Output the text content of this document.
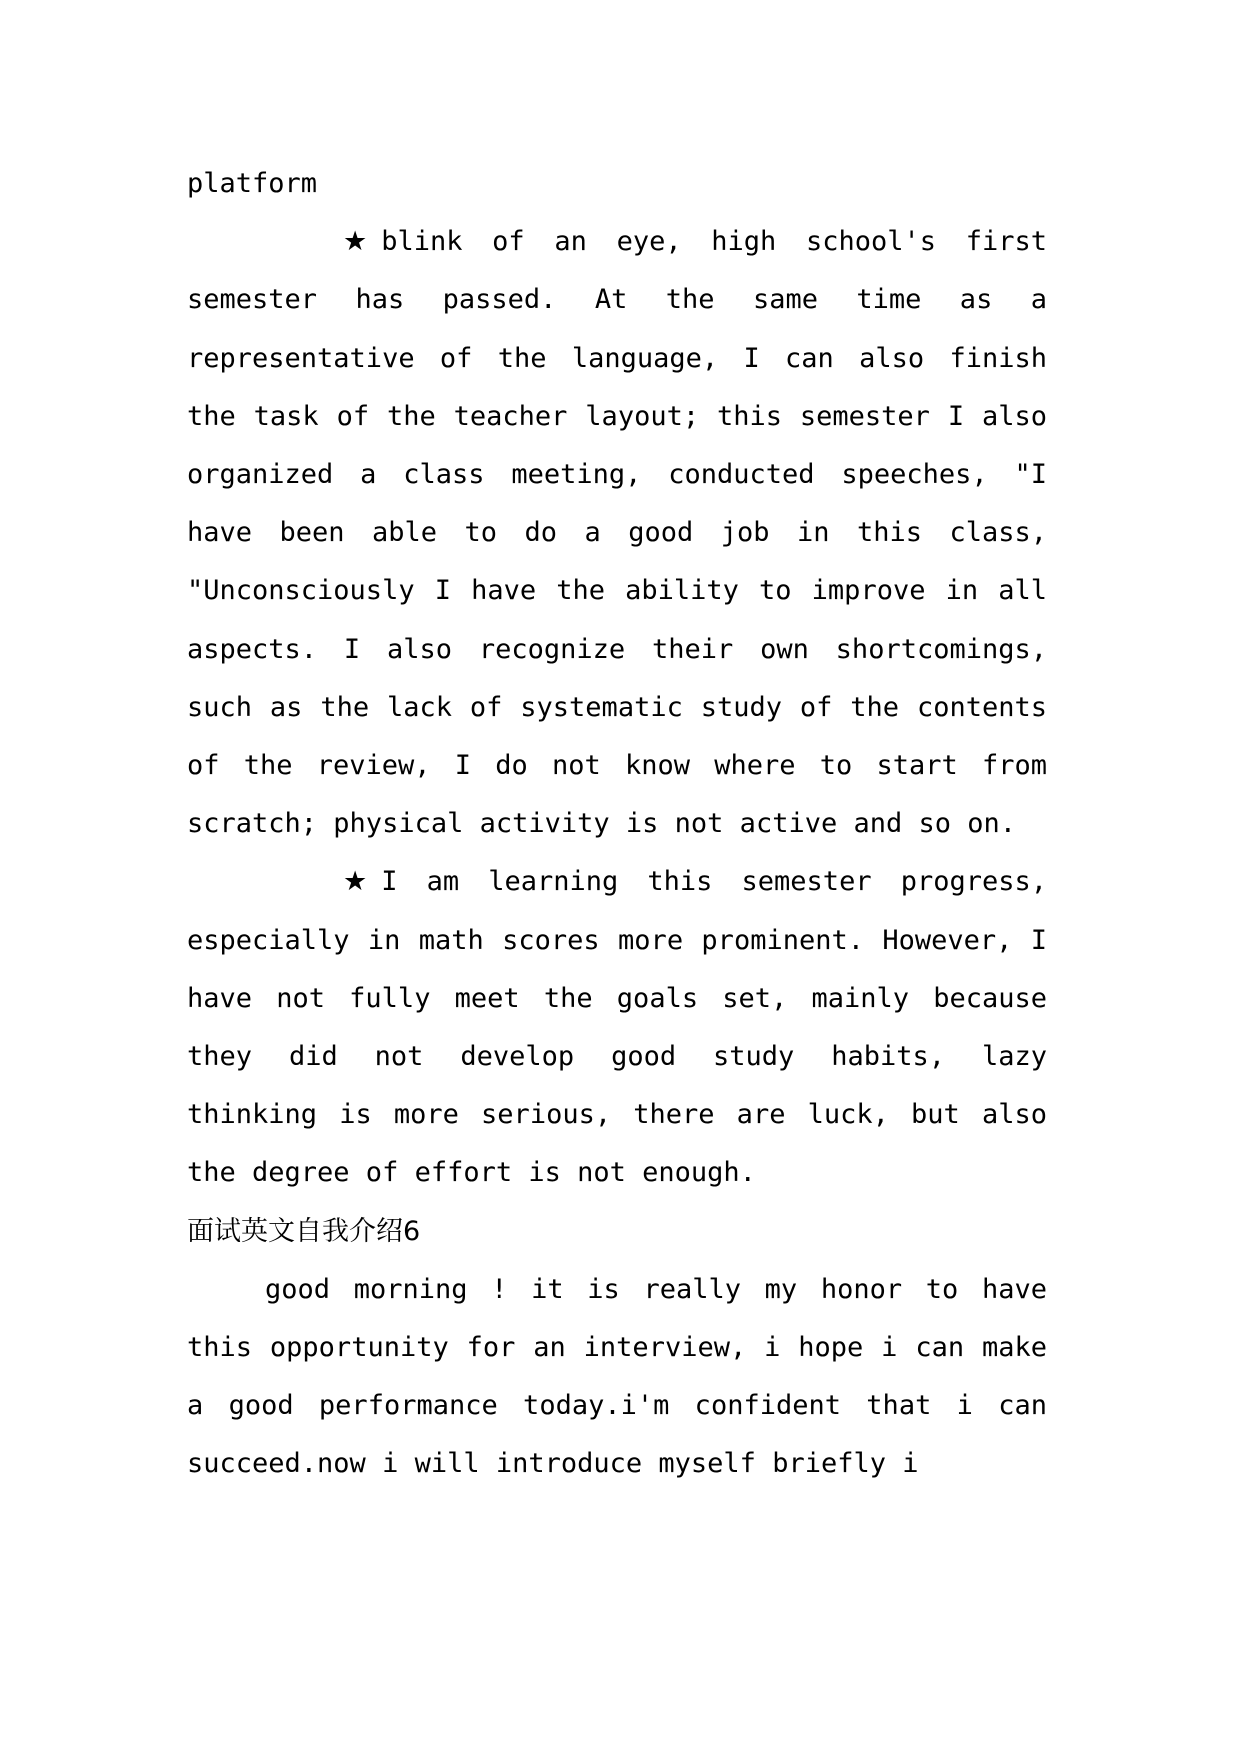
platform

★ blink of an eye, high school's first semester has passed. At the same time as a representative of the language, I can also finish the task of the teacher layout; this semester I also organized a class meeting, conducted speeches, "I have been able to do a good job in this class, "Unconsciously I have the ability to improve in all aspects. I also recognize their own shortcomings, such as the lack of systematic study of the contents of the review, I do not know where to start from scratch; physical activity is not active and so on.

★ I am learning this semester progress, especially in math scores more prominent. However, I have not fully meet the goals set, mainly because they did not develop good study habits, lazy thinking is more serious, there are luck, but also the degree of effort is not enough.

面试英文自我介绍6

good morning ! it is really my honor to have this opportunity for an interview, i hope i can make a good performance today.i'm confident that i can succeed.now i will introduce myself briefly i
